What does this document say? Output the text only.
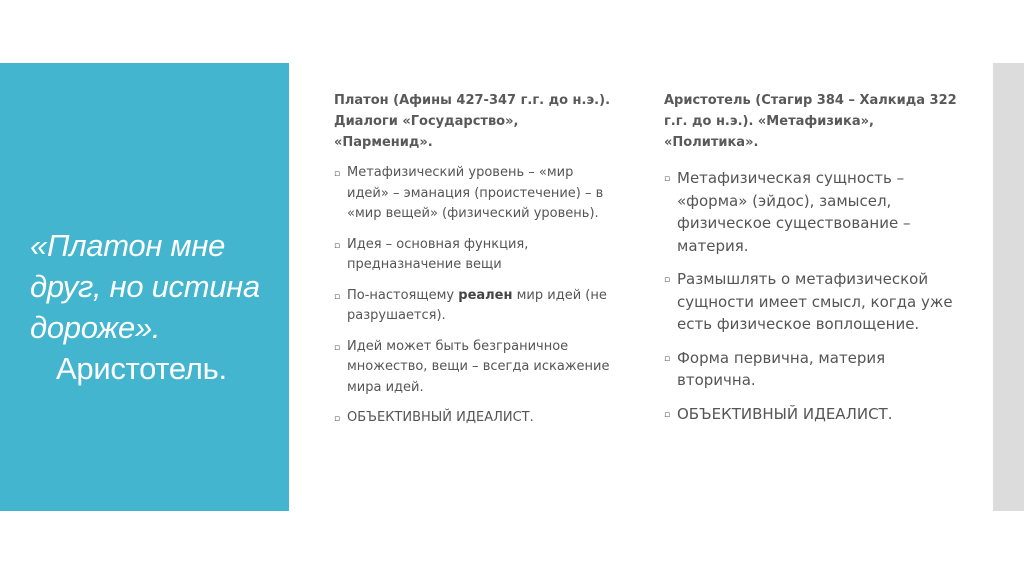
«Платон мне друг, но истина дороже».
Аристотель.
Платон (Афины 427-347 г.г. до н.э.). Диалоги «Государство», «Парменид».
▫ Метафизический уровень – «мир идей» – эманация (проистечение) – в «мир вещей» (физический уровень).
▫ Идея – основная функция, предназначение вещи
▫ По-настоящему реален мир идей (не разрушается).
▫ Идей может быть безграничное множество, вещи – всегда искажение мира идей.
▫ ОБЪЕКТИВНЫЙ ИДЕАЛИСТ.
Аристотель (Стагир 384 – Халкида 322 г.г. до н.э.). «Метафизика», «Политика».
▫ Метафизическая сущность – «форма» (эйдос), замысел, физическое существование – материя.
▫ Размышлять о метафизической сущности имеет смысл, когда уже есть физическое воплощение.
▫ Форма первична, материя вторична.
▫ ОБЪЕКТИВНЫЙ ИДЕАЛИСТ.
